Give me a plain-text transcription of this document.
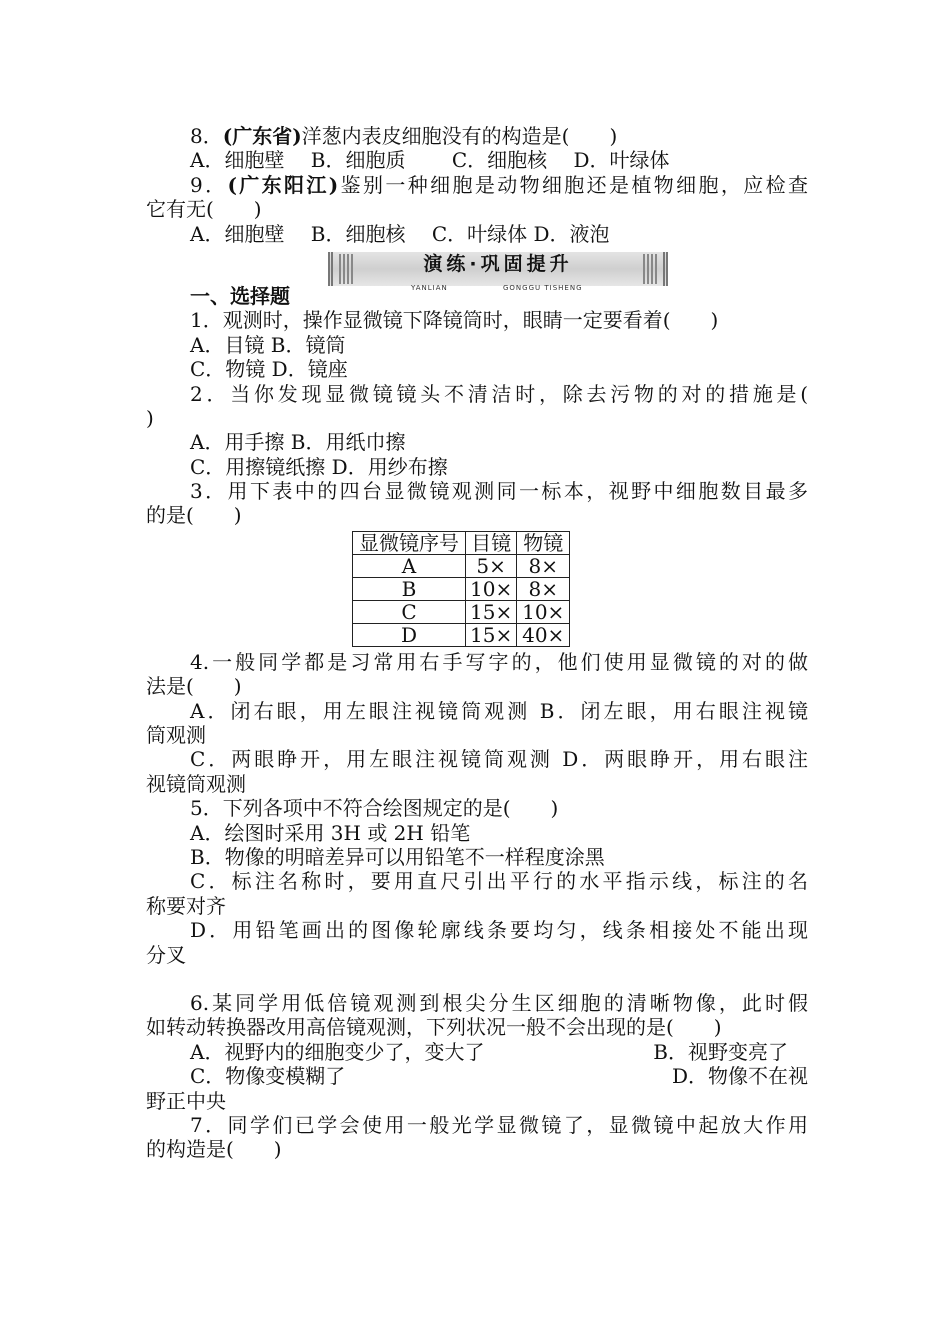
8．(广东省)洋葱内表皮细胞没有的构造是(　　)
A．细胞壁　 B．细胞质　　 C．细胞核　 D．叶绿体
9．(广东阳江)鉴别一种细胞是动物细胞还是植物细胞，应检查
它有无(　　)
A．细胞壁　 B．细胞核　 C．叶绿体 D．液泡
演练·巩固提升
YANLIAN	GONGGU TISHENG
一、选择题
1．观测时，操作显微镜下降镜筒时，眼睛一定要看着(　　)
A．目镜 B．镜筒
C．物镜 D．镜座
2．当你发现显微镜镜头不清洁时，除去污物的对的措施是(
)
A．用手擦 B．用纸巾擦
C．用擦镜纸擦 D．用纱布擦
3．用下表中的四台显微镜观测同一标本，视野中细胞数目最多
的是(　　)
显微镜序号	目镜	物镜
A	5×	8×
B	10×	8×
C	15×	10×
D	15×	40×
4.一般同学都是习常用右手写字的，他们使用显微镜的对的做
法是(　　)
A．闭右眼，用左眼注视镜筒观测 B．闭左眼，用右眼注视镜
筒观测
C．两眼睁开，用左眼注视镜筒观测 D．两眼睁开，用右眼注
视镜筒观测
5．下列各项中不符合绘图规定的是(　　)
A．绘图时采用 3H 或 2H 铅笔
B．物像的明暗差异可以用铅笔不一样程度涂黑
C．标注名称时，要用直尺引出平行的水平指示线，标注的名
称要对齐
D．用铅笔画出的图像轮廓线条要均匀，线条相接处不能出现
分叉
6.某同学用低倍镜观测到根尖分生区细胞的清晰物像，此时假
如转动转换器改用高倍镜观测，下列状况一般不会出现的是(　　)
A．视野内的细胞变少了，变大了	B．视野变亮了
C．物像变模糊了	D．物像不在视
野正中央
7．同学们已学会使用一般光学显微镜了，显微镜中起放大作用
的构造是(　　)
